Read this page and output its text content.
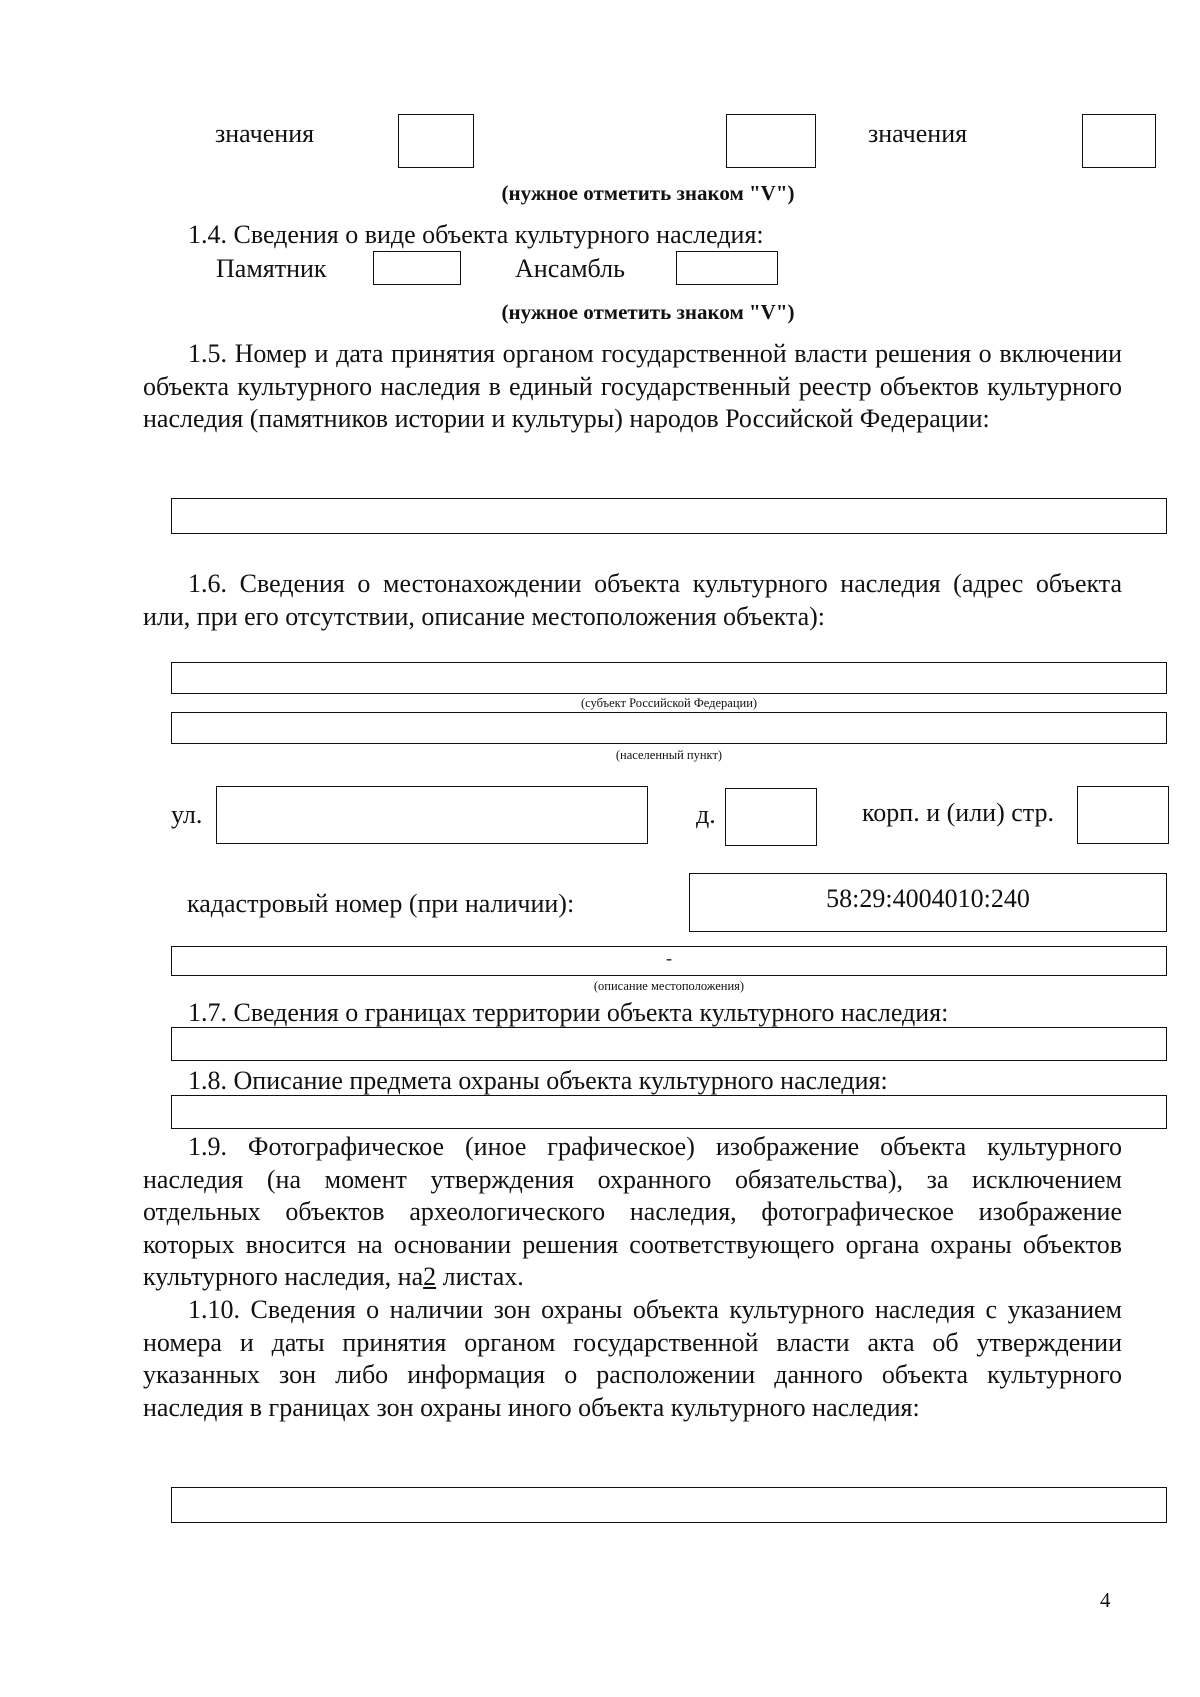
значения	значения
(нужное отметить знаком "V")
1.4. Сведения о виде объекта культурного наследия:
Памятник	Ансамбль
(нужное отметить знаком "V")
1.5. Номер и дата принятия органом государственной власти решения о включении объекта культурного наследия в единый государственный реестр объектов культурного наследия (памятников истории и культуры) народов Российской Федерации:
1.6. Сведения о местонахождении объекта культурного наследия (адрес объекта или, при его отсутствии, описание местоположения объекта):
(субъект Российской Федерации)
(населенный пункт)
ул.	д.	корп. и (или) стр.
кадастровый номер (при наличии):	58:29:4004010:240
-
(описание местоположения)
1.7. Сведения о границах территории объекта культурного наследия:
1.8. Описание предмета охраны объекта культурного наследия:
1.9. Фотографическое (иное графическое) изображение объекта культурного наследия (на момент утверждения охранного обязательства), за исключением отдельных объектов археологического наследия, фотографическое изображение которых вносится на основании решения соответствующего органа охраны объектов культурного наследия, на2 листах.
1.10. Сведения о наличии зон охраны объекта культурного наследия с указанием номера и даты принятия органом государственной власти акта об утверждении указанных зон либо информация о расположении данного объекта культурного наследия в границах зон охраны иного объекта культурного наследия:
4
